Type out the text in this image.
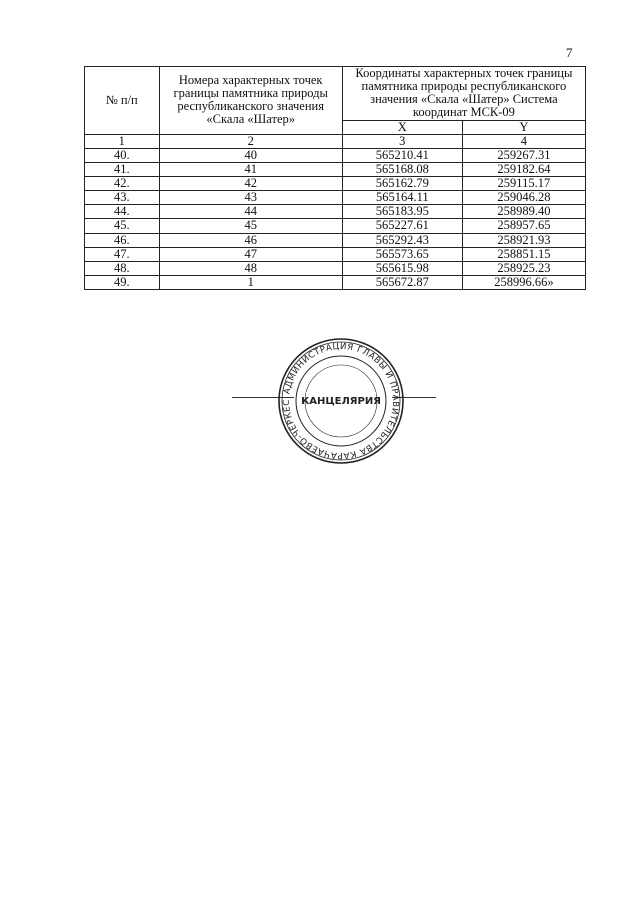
7
№ п/п	Номера характерных точек границы памятника природы республиканского значения «Скала «Шатер»	Координаты характерных точек границы памятника природы республиканского значения «Скала «Шатер» Система координат МСК-09	
		X	Y
1	2	3	4
40.	40	565210.41	259267.31
41.	41	565168.08	259182.64
42.	42	565162.79	259115.17
43.	43	565164.11	259046.28
44.	44	565183.95	258989.40
45.	45	565227.61	258957.65
46.	46	565292.43	258921.93
47.	47	565573.65	258851.15
48.	48	565615.98	258925.23
49.	1	565672.87	258996.66»
АДМИНИСТРАЦИЯ ГЛАВЫ И ПРАВИТЕЛЬСТВА КАРАЧАЕВО-ЧЕРКЕС КАНЦЕЛЯРИЯ
